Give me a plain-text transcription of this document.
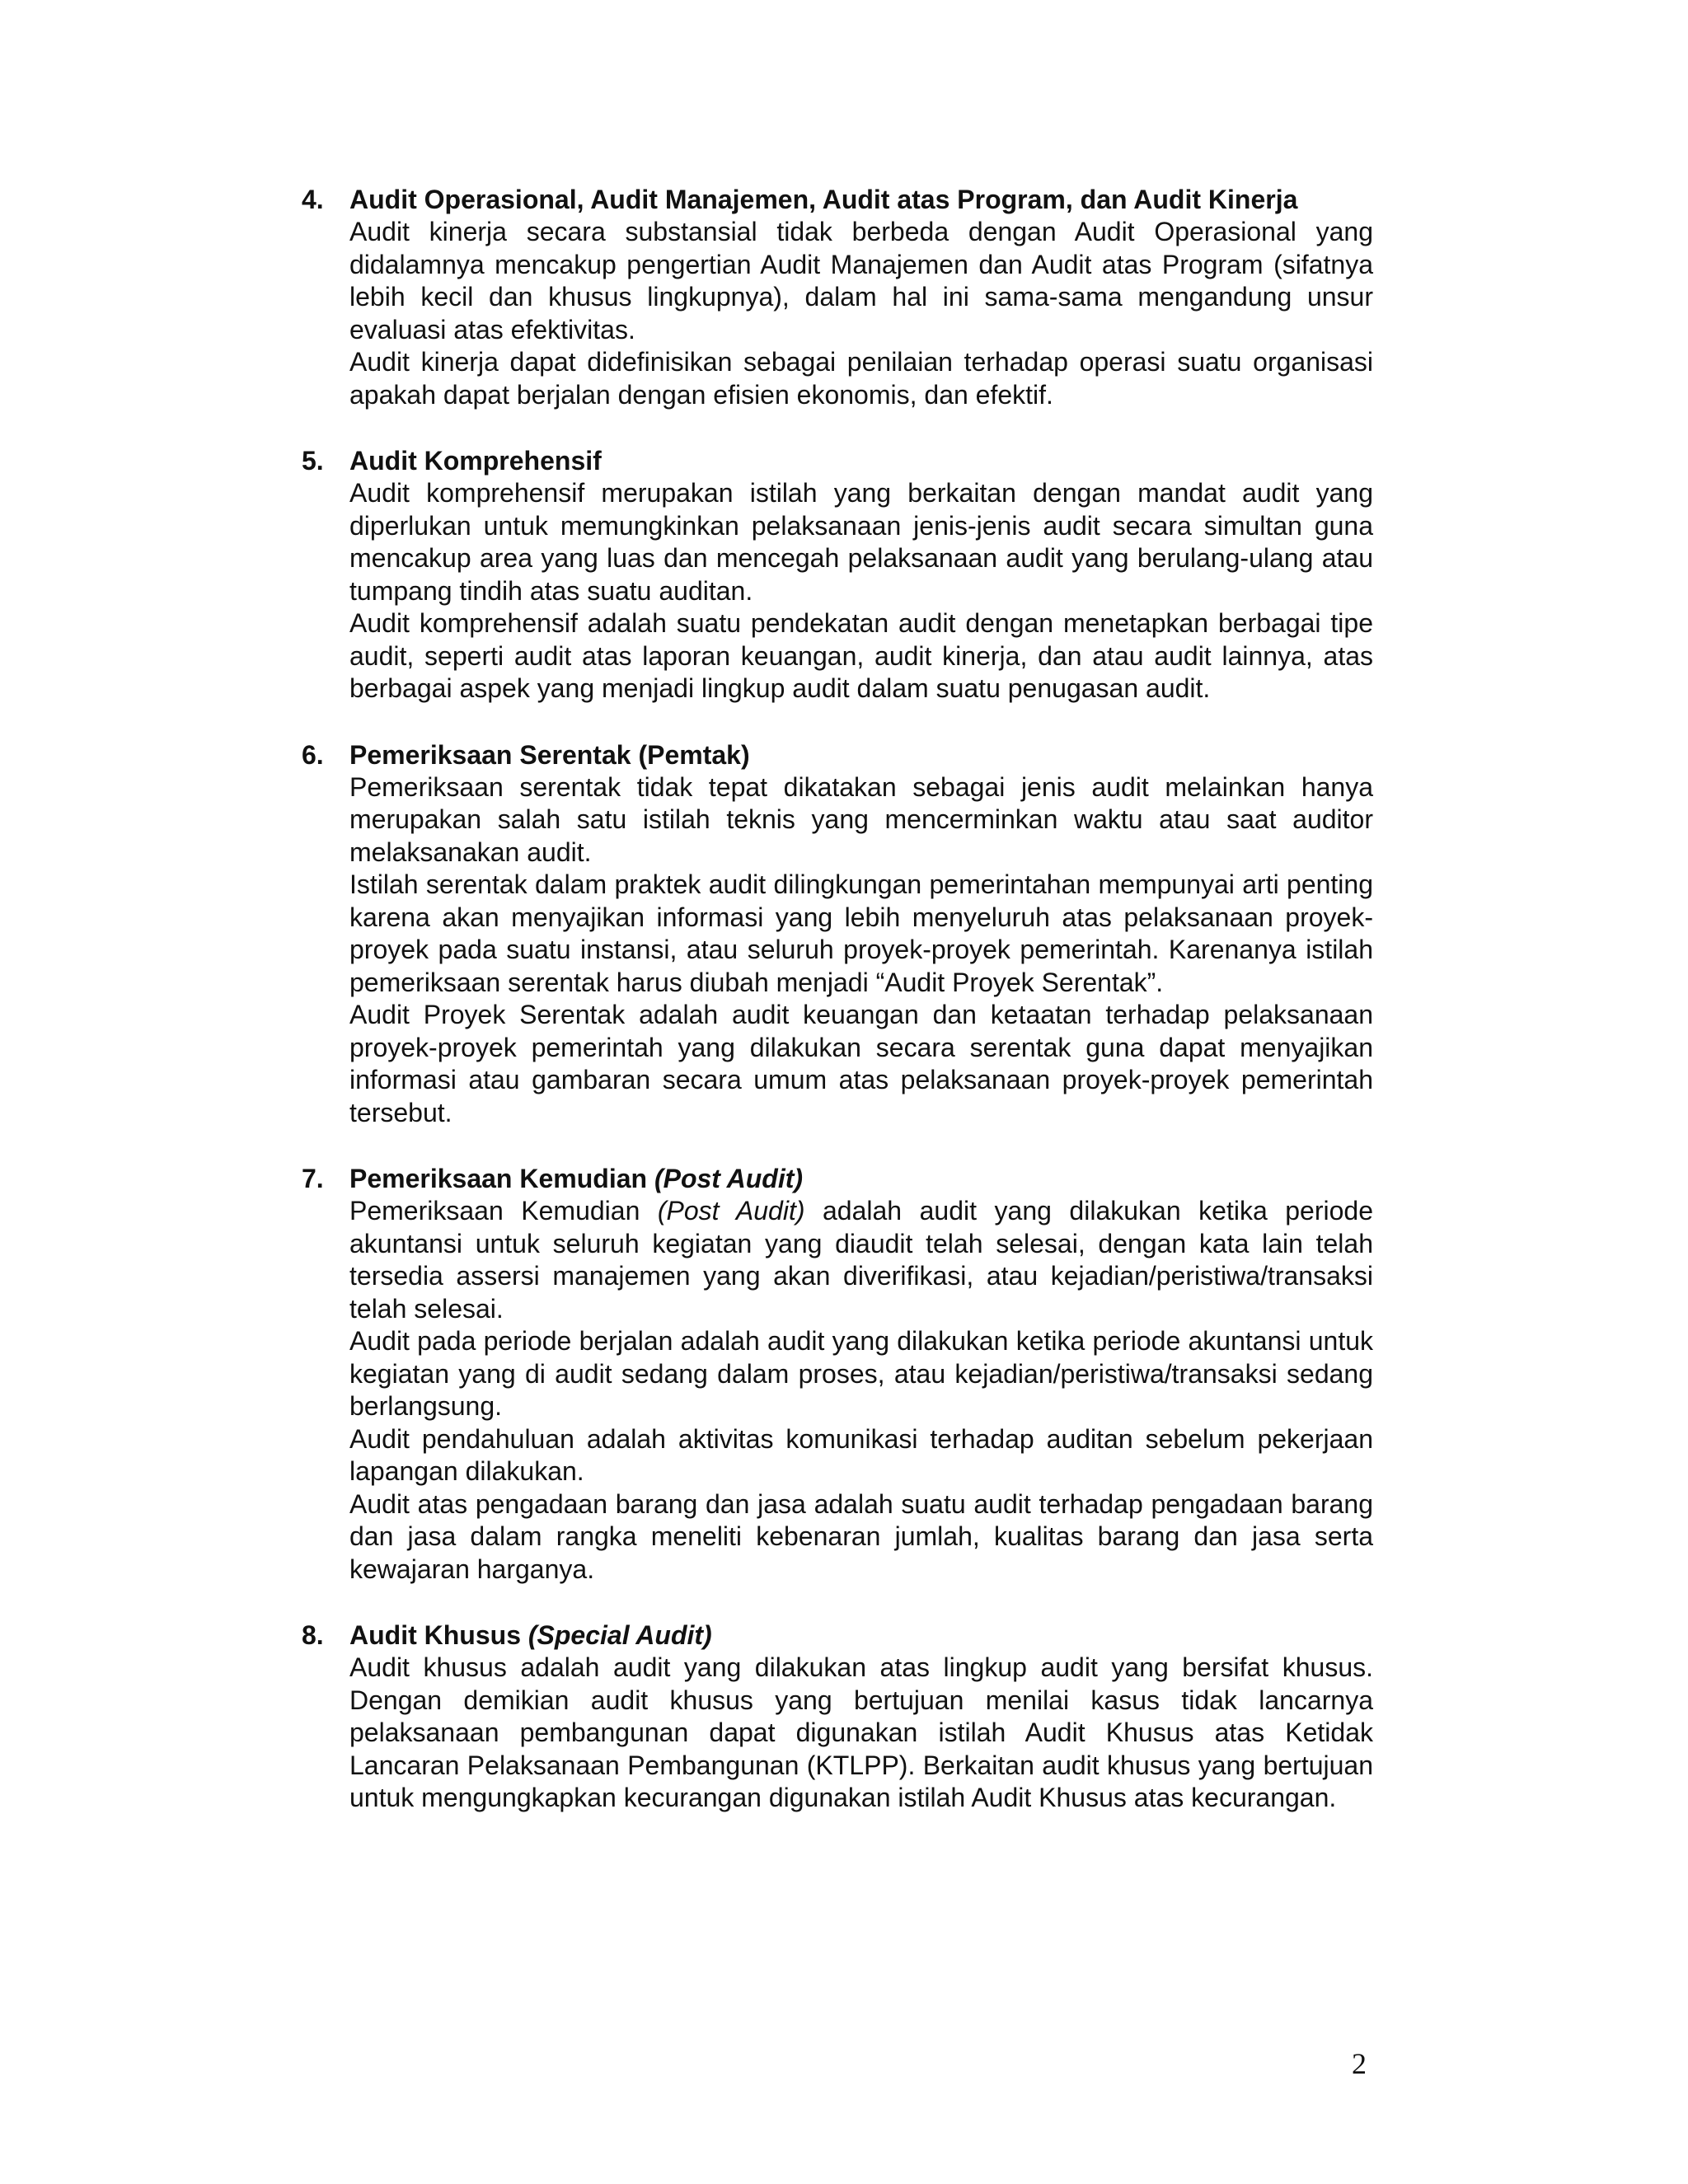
4. Audit Operasional, Audit Manajemen, Audit atas Program, dan Audit Kinerja

Audit kinerja secara substansial tidak berbeda dengan Audit Operasional yang didalamnya mencakup pengertian Audit Manajemen dan Audit atas Program (sifatnya lebih kecil dan khusus lingkupnya), dalam hal ini sama-sama mengandung unsur evaluasi atas efektivitas.

Audit kinerja dapat didefinisikan sebagai penilaian terhadap operasi suatu organisasi apakah dapat berjalan dengan efisien ekonomis, dan efektif.

5. Audit Komprehensif

Audit komprehensif merupakan istilah yang berkaitan dengan mandat audit yang diperlukan untuk memungkinkan pelaksanaan jenis-jenis audit secara simultan guna mencakup area yang luas dan mencegah pelaksanaan audit yang berulang-ulang atau tumpang tindih atas suatu auditan.

Audit komprehensif adalah suatu pendekatan audit dengan menetapkan berbagai tipe audit, seperti audit atas laporan keuangan, audit kinerja, dan atau audit lainnya, atas berbagai aspek yang menjadi lingkup audit dalam suatu penugasan audit.

6. Pemeriksaan Serentak (Pemtak)

Pemeriksaan serentak tidak tepat dikatakan sebagai jenis audit melainkan hanya merupakan salah satu istilah teknis yang mencerminkan waktu atau saat auditor melaksanakan audit.

Istilah serentak dalam praktek audit dilingkungan pemerintahan mempunyai arti penting karena akan menyajikan informasi yang lebih menyeluruh atas pelaksanaan proyek-proyek pada suatu instansi, atau seluruh proyek-proyek pemerintah. Karenanya istilah pemeriksaan serentak harus diubah menjadi “Audit Proyek Serentak”.

Audit Proyek Serentak adalah audit keuangan dan ketaatan terhadap pelaksanaan proyek-proyek pemerintah yang dilakukan secara serentak guna dapat menyajikan informasi atau gambaran secara umum atas pelaksanaan proyek-proyek pemerintah tersebut.

7. Pemeriksaan Kemudian (Post Audit)

Pemeriksaan Kemudian (Post Audit) adalah audit yang dilakukan ketika periode akuntansi untuk seluruh kegiatan yang diaudit telah selesai, dengan kata lain telah tersedia assersi manajemen yang akan diverifikasi, atau kejadian/peristiwa/transaksi telah selesai.

Audit pada periode berjalan adalah audit yang dilakukan ketika periode akuntansi untuk kegiatan yang di audit sedang dalam proses, atau kejadian/peristiwa/transaksi sedang berlangsung.

Audit pendahuluan adalah aktivitas komunikasi terhadap auditan sebelum pekerjaan lapangan dilakukan.

Audit atas pengadaan barang dan jasa adalah suatu audit terhadap pengadaan barang dan jasa dalam rangka meneliti kebenaran jumlah, kualitas barang dan jasa serta kewajaran harganya.

8. Audit Khusus (Special Audit)

Audit khusus adalah audit yang dilakukan atas lingkup audit yang bersifat khusus. Dengan demikian audit khusus yang bertujuan menilai kasus tidak lancarnya pelaksanaan pembangunan dapat digunakan istilah Audit Khusus atas Ketidak Lancaran Pelaksanaan Pembangunan (KTLPP). Berkaitan audit khusus yang bertujuan untuk mengungkapkan kecurangan digunakan istilah Audit Khusus atas kecurangan.

2
